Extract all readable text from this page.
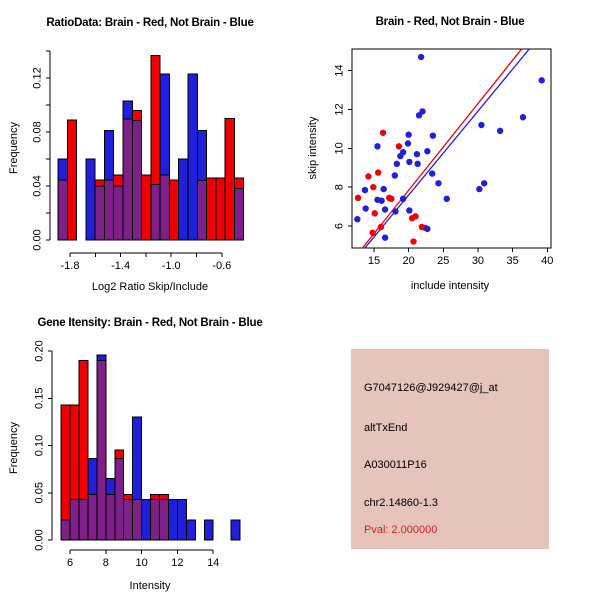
RatioData: Brain - Red, Not Brain - Blue
Frequency
Log2 Ratio Skip/Include
0.00
0.04
0.08
0.12
-1.8	-1.4	-1.0	-0.6
Brain - Red, Not Brain - Blue
skip intensity
include intensity
15 20 25 30 35 40
6
8
10
12
14
Gene Itensity: Brain - Red, Not Brain - Blue
Frequency
Intensity
0.00
0.05
0.10
0.15
0.20
6	8 10 12 14
G7047126@J929427@j_at
altTxEnd
A030011P16
chr2.14860-1.3
Pval: 2.000000
